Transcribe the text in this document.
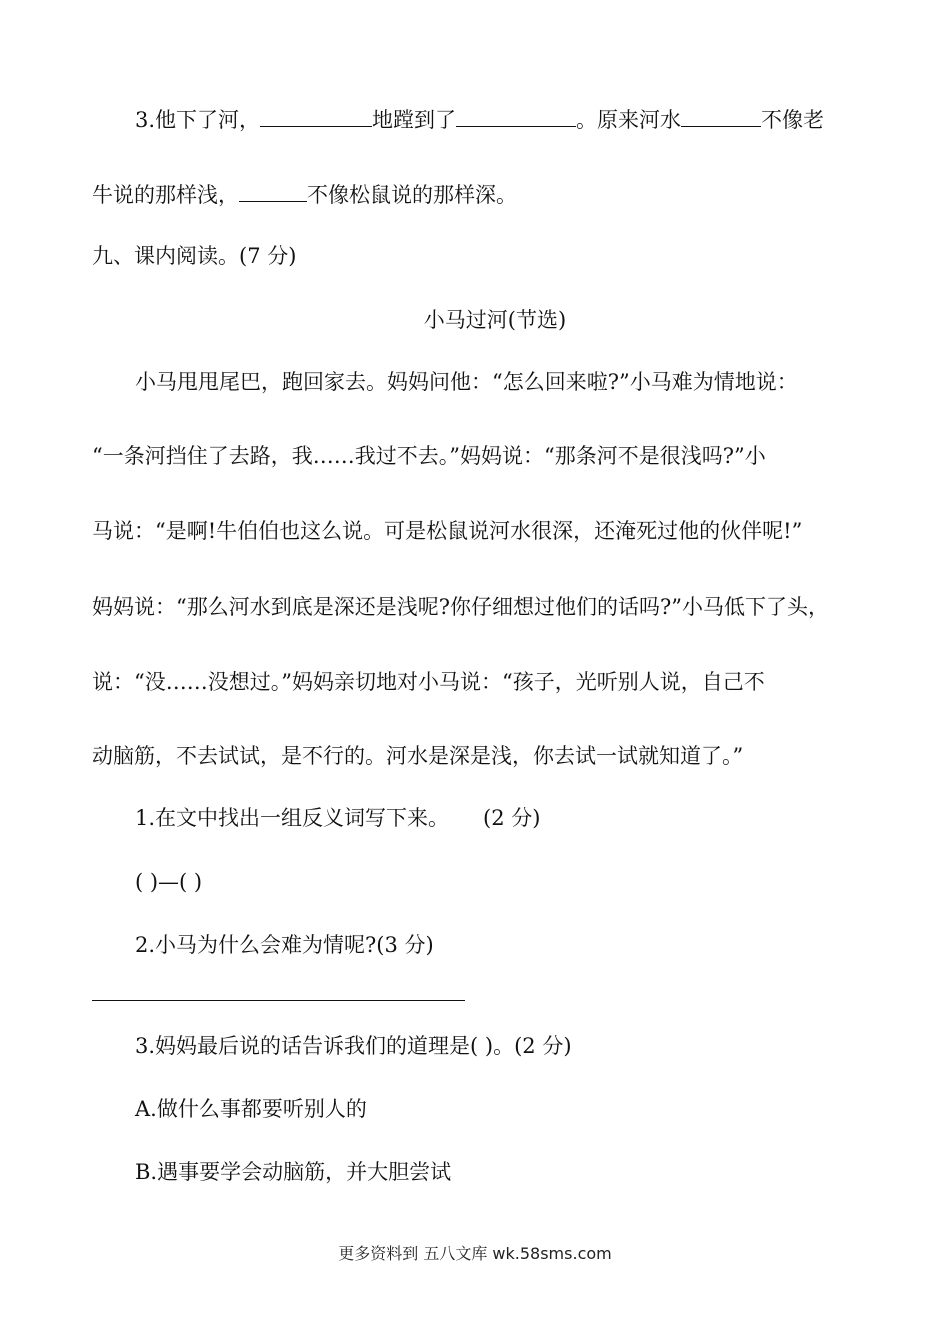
3.他下了河，	地蹚到了	。原来河水	不像老
牛说的那样浅，	不像松鼠说的那样深。
九、课内阅读。(7 分)
小马过河(节选)
小马甩甩尾巴，跑回家去。妈妈问他：“怎么回来啦?”小马难为情地说：
“一条河挡住了去路，我……我过不去。”妈妈说：“那条河不是很浅吗?”小
马说：“是啊!牛伯伯也这么说。可是松鼠说河水很深，还淹死过他的伙伴呢!”
妈妈说：“那么河水到底是深还是浅呢?你仔细想过他们的话吗?”小马低下了头，
说：“没……没想过。”妈妈亲切地对小马说：“孩子，光听别人说，自己不
动脑筋，不去试试，是不行的。河水是深是浅，你去试一试就知道了。”
1.在文中找出一组反义词写下来。 (2 分)
( )—( )
2.小马为什么会难为情呢?(3 分)
3.妈妈最后说的话告诉我们的道理是( )。(2 分)
A.做什么事都要听别人的
B.遇事要学会动脑筋，并大胆尝试
更多资料到 五八文库 wk.58sms.com
